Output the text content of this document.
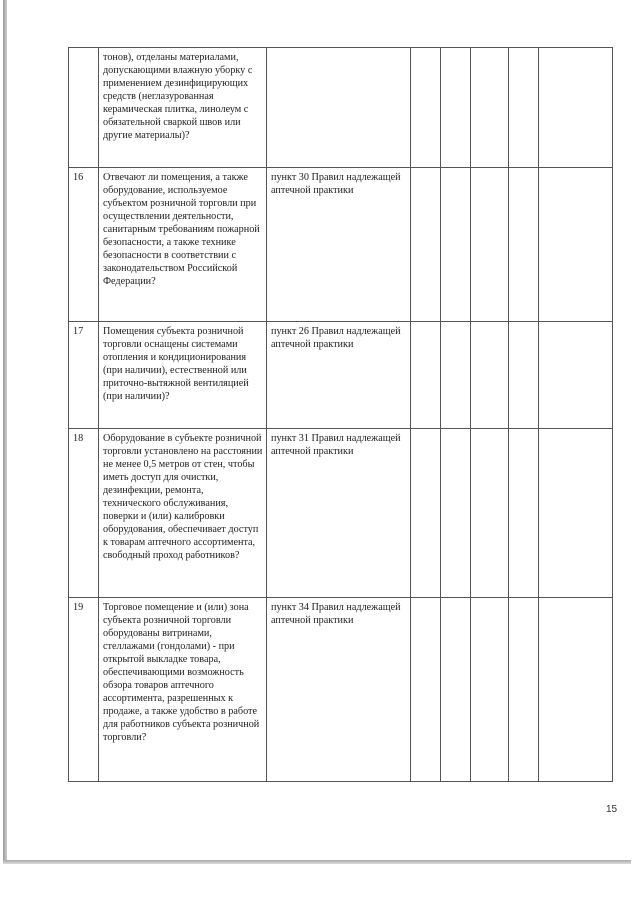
	тонов), отделаны материалами, допускающими влажную уборку с применением дезинфицирующих средств (неглазурованная керамическая плитка, линолеум с обязательной сваркой швов или другие материалы)?						
16	Отвечают ли помещения, а также оборудование, используемое субъектом розничной торговли при осуществлении деятельности, санитарным требованиям пожарной безопасности, а также технике безопасности в соответствии с законодательством Российской Федерации?	пункт 30 Правил надлежащей аптечной практики					
17	Помещения субъекта розничной торговли оснащены системами отопления и кондиционирования (при наличии), естественной или приточно-вытяжной вентиляцией (при наличии)?	пункт 26 Правил надлежащей аптечной практики					
18	Оборудование в субъекте розничной торговли установлено на расстоянии не менее 0,5 метров от стен, чтобы иметь доступ для очистки, дезинфекции, ремонта, технического обслуживания, поверки и (или) калибровки оборудования, обеспечивает доступ к товарам аптечного ассортимента, свободный проход работников?	пункт 31 Правил надлежащей аптечной практики					
19	Торговое помещение и (или) зона субъекта розничной торговли оборудованы витринами, стеллажами (гондолами) - при открытой выкладке товара, обеспечивающими возможность обзора товаров аптечного ассортимента, разрешенных к продаже, а также удобство в работе для работников субъекта розничной торговли?	пункт 34 Правил надлежащей аптечной практики					
15
